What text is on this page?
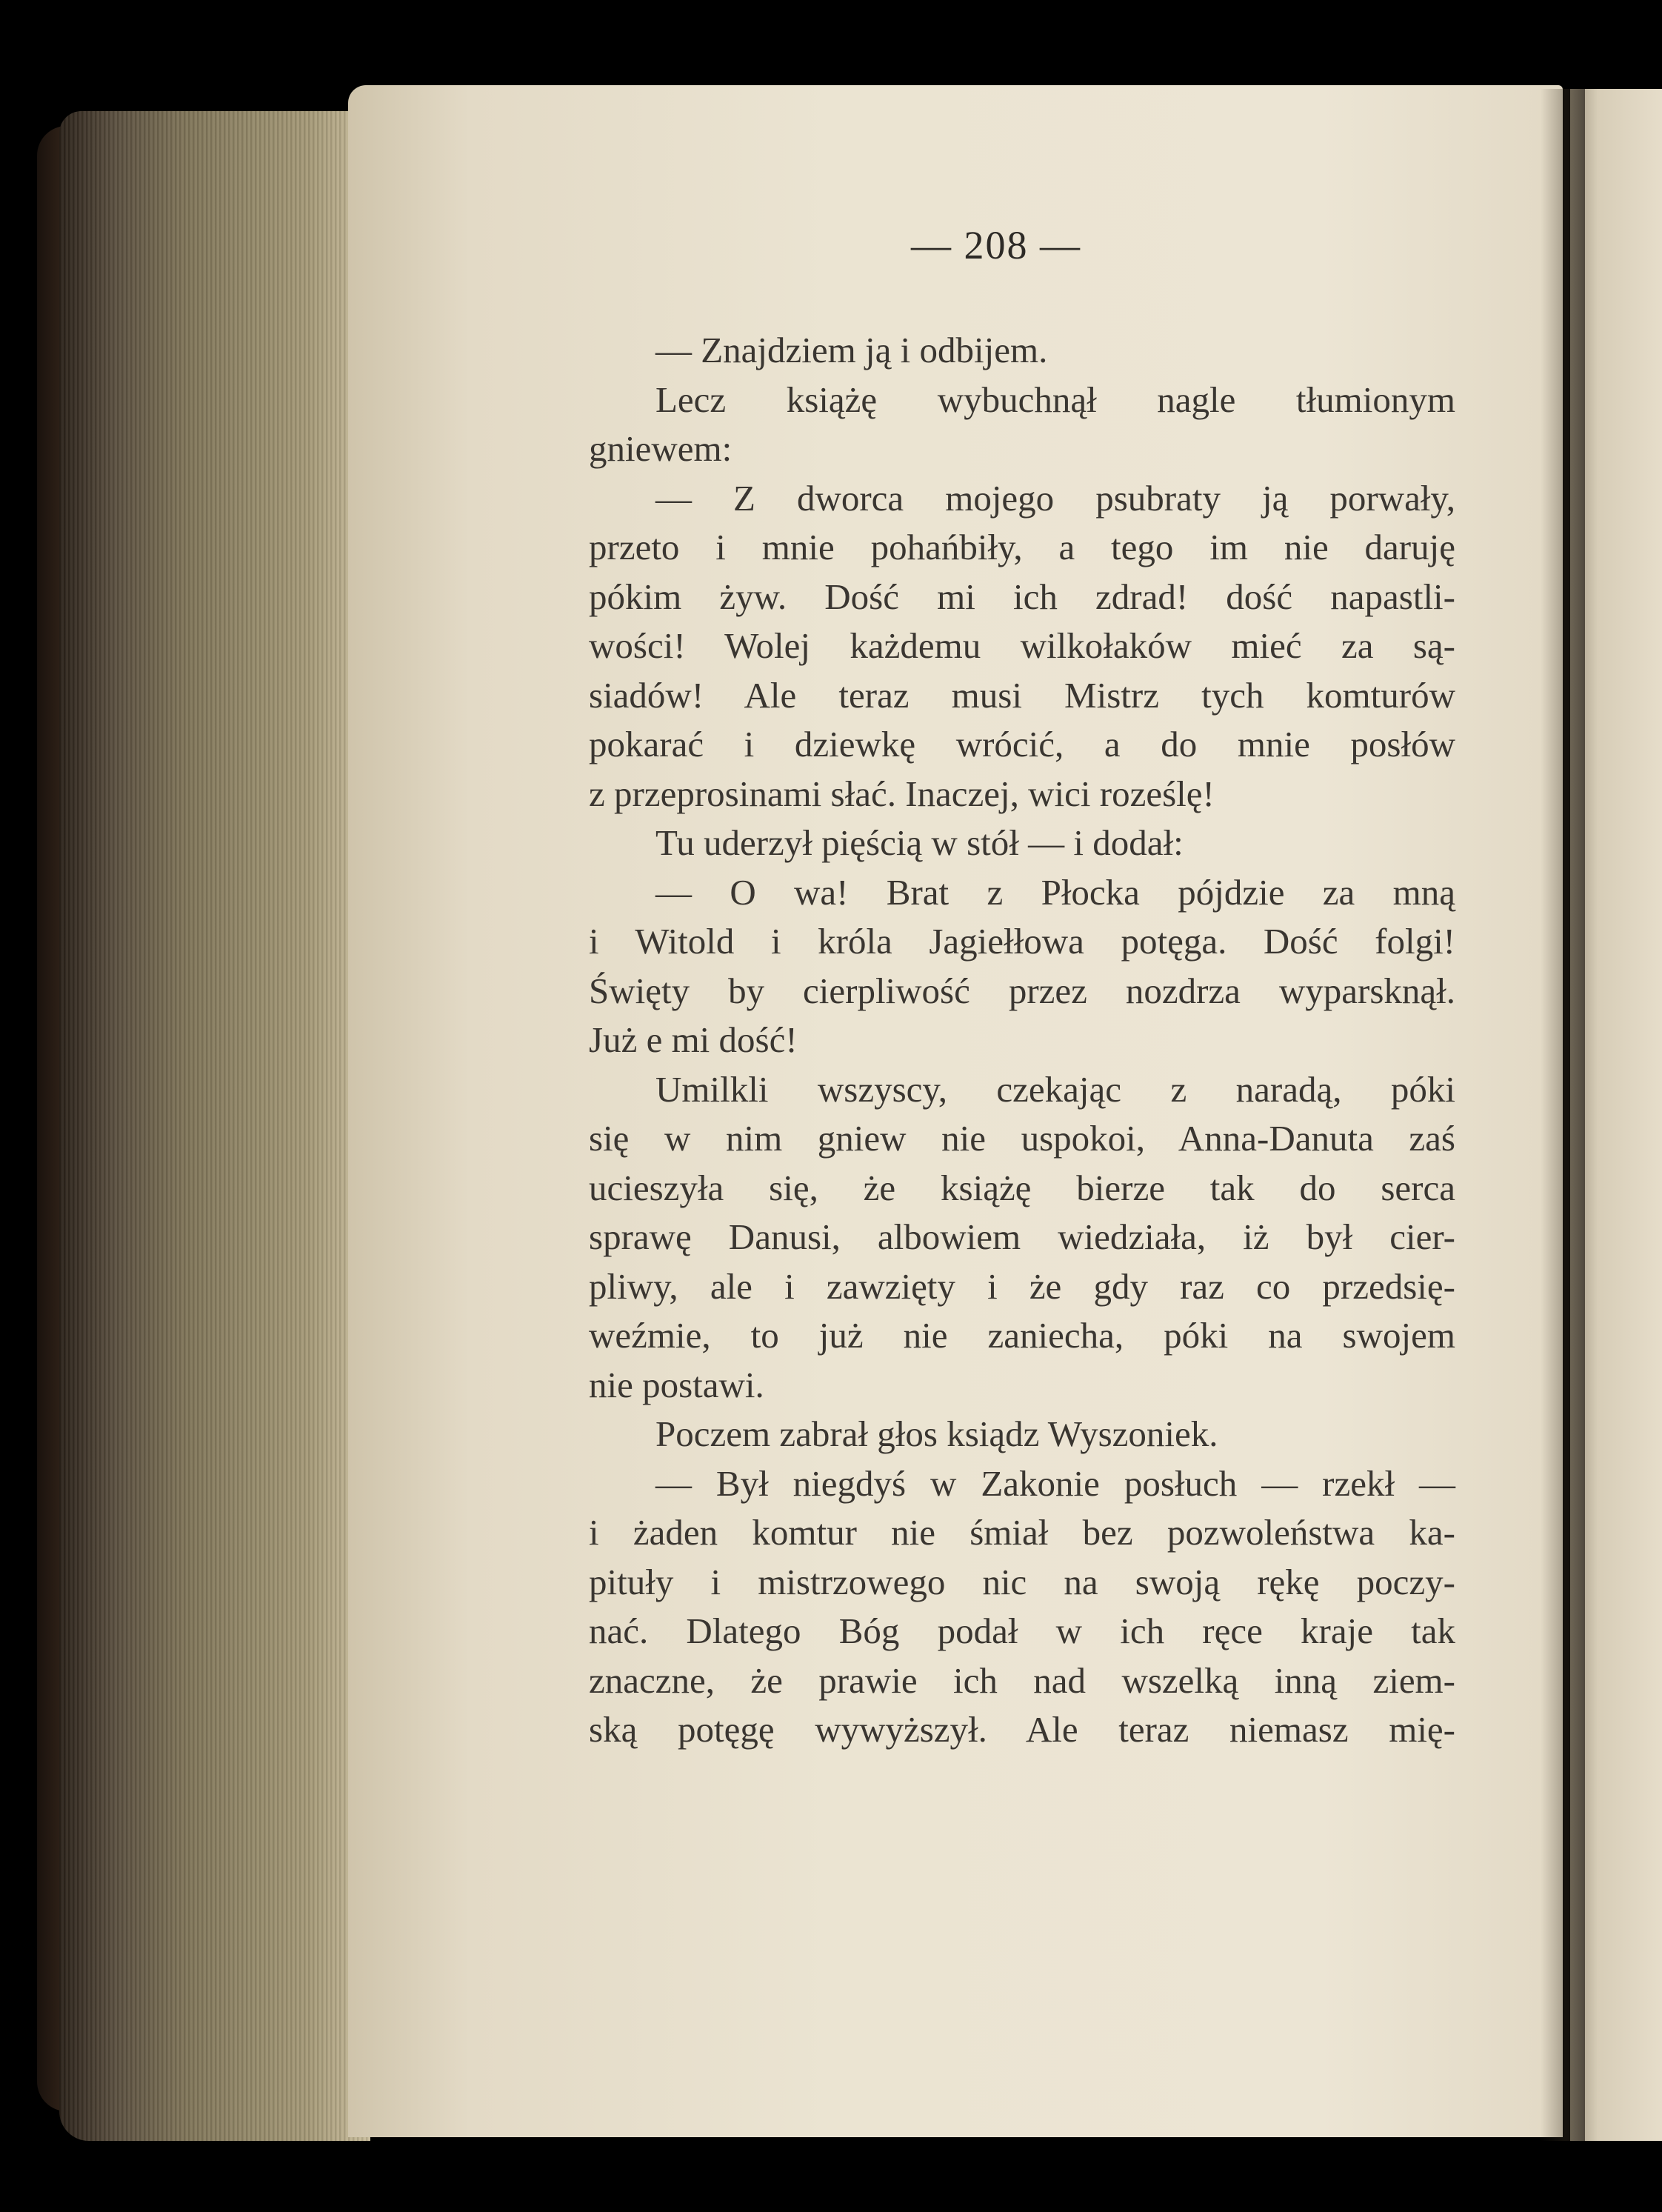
— 208 —
— Znajdziem ją i odbijem.
Lecz książę wybuchnął nagle tłumionym
gniewem:
— Z dworca mojego psubraty ją porwały,
przeto i mnie pohańbiły, a tego im nie daruję
pókim żyw. Dość mi ich zdrad! dość napastli-
wości! Wolej każdemu wilkołaków mieć za są-
siadów! Ale teraz musi Mistrz tych komturów
pokarać i dziewkę wrócić, a do mnie posłów
z przeprosinami słać. Inaczej, wici roześlę!
Tu uderzył pięścią w stół — i dodał:
— O wa! Brat z Płocka pójdzie za mną
i Witold i króla Jagiełłowa potęga. Dość folgi!
Święty by cierpliwość przez nozdrza wyparsknął.
Już e mi dość!
Umilkli wszyscy, czekając z naradą, póki
się w nim gniew nie uspokoi, Anna-Danuta zaś
ucieszyła się, że książę bierze tak do serca
sprawę Danusi, albowiem wiedziała, iż był cier-
pliwy, ale i zawzięty i że gdy raz co przedsię-
weźmie, to już nie zaniecha, póki na swojem
nie postawi.
Poczem zabrał głos ksiądz Wyszoniek.
— Był niegdyś w Zakonie posłuch — rzekł —
i żaden komtur nie śmiał bez pozwoleństwa ka-
pituły i mistrzowego nic na swoją rękę poczy-
nać. Dlatego Bóg podał w ich ręce kraje tak
znaczne, że prawie ich nad wszelką inną ziem-
ską potęgę wywyższył. Ale teraz niemasz mię-
